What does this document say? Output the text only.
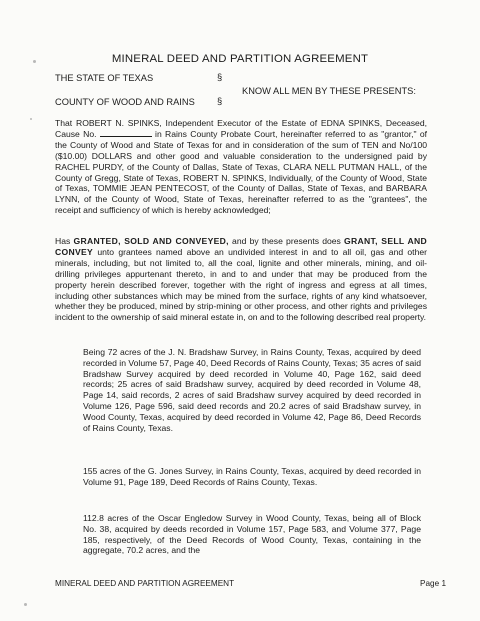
MINERAL DEED AND PARTITION AGREEMENT
THE STATE OF TEXAS	§
KNOW ALL MEN BY THESE PRESENTS:
COUNTY OF WOOD AND RAINS §
That ROBERT N. SPINKS, Independent Executor of the Estate of EDNA SPINKS, Deceased, Cause No.	in Rains County Probate Court, hereinafter referred to as "grantor," of the County of Wood and State of Texas for and in consideration of the sum of TEN and No/100 ($10.00) DOLLARS and other good and valuable consideration to the undersigned paid by RACHEL PURDY, of the County of Dallas, State of Texas, CLARA NELL PUTMAN HALL, of the County of Gregg, State of Texas, ROBERT N. SPINKS, Individually, of the County of Wood, State of Texas, TOMMIE JEAN PENTECOST, of the County of Dallas, State of Texas, and BARBARA LYNN, of the County of Wood, State of Texas, hereinafter referred to as the "grantees", the receipt and sufficiency of which is hereby acknowledged;
Has GRANTED, SOLD AND CONVEYED, and by these presents does GRANT, SELL AND CONVEY unto grantees named above an undivided interest in and to all oil, gas and other minerals, including, but not limited to, all the coal, lignite and other minerals, mining, and oil-drilling privileges appurtenant thereto, in and to and under that may be produced from the property herein described forever, together with the right of ingress and egress at all times, including other substances which may be mined from the surface, rights of any kind whatsoever, whether they be produced, mined by strip-mining or other process, and other rights and privileges incident to the ownership of said mineral estate in, on and to the following described real property.
Being 72 acres of the J. N. Bradshaw Survey, in Rains County, Texas, acquired by deed recorded in Volume 57, Page 40, Deed Records of Rains County, Texas; 35 acres of said Bradshaw Survey acquired by deed recorded in Volume 40, Page 162, said deed records; 25 acres of said Bradshaw survey, acquired by deed recorded in Volume 48, Page 14, said records, 2 acres of said Bradshaw survey acquired by deed recorded in Volume 126, Page 596, said deed records and 20.2 acres of said Bradshaw survey, in Wood County, Texas, acquired by deed recorded in Volume 42, Page 86, Deed Records of Rains County, Texas.
155 acres of the G. Jones Survey, in Rains County, Texas, acquired by deed recorded in Volume 91, Page 189, Deed Records of Rains County, Texas.
112.8 acres of the Oscar Engledow Survey in Wood County, Texas, being all of Block No. 38, acquired by deeds recorded in Volume 157, Page 583, and Volume 377, Page 185, respectively, of the Deed Records of Wood County, Texas, containing in the aggregate, 70.2 acres, and the
MINERAL DEED AND PARTITION AGREEMENT	Page 1
